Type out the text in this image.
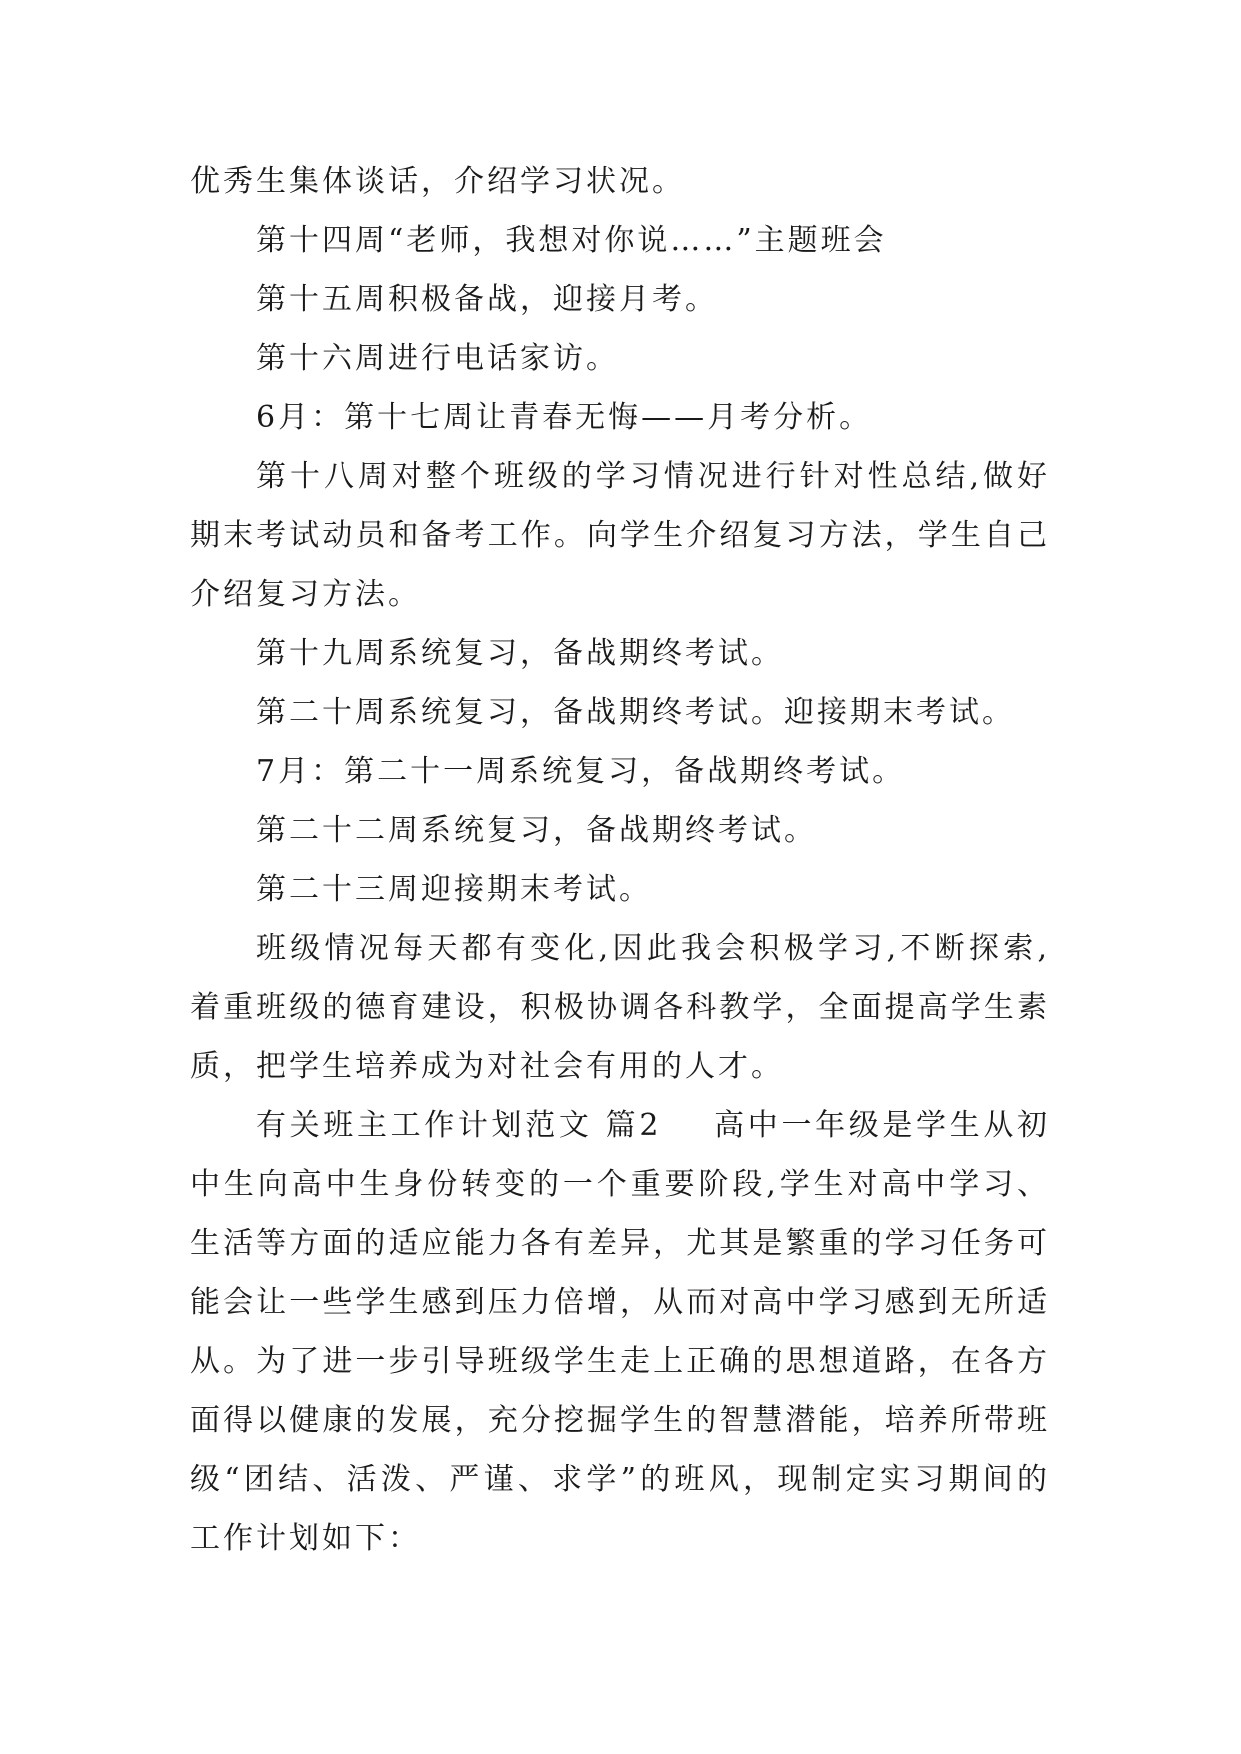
优秀生集体谈话，介绍学习状况。

第十四周“老师，我想对你说……”主题班会

第十五周积极备战，迎接月考。

第十六周进行电话家访。

6月：第十七周让青春无悔——月考分析。

第十八周对整个班级的学习情况进行针对性总结,做好期末考试动员和备考工作。向学生介绍复习方法，学生自己介绍复习方法。

第十九周系统复习，备战期终考试。

第二十周系统复习，备战期终考试。迎接期末考试。

7月：第二十一周系统复习，备战期终考试。

第二十二周系统复习，备战期终考试。

第二十三周迎接期末考试。

班级情况每天都有变化,因此我会积极学习,不断探索,着重班级的德育建设，积极协调各科教学，全面提高学生素质，把学生培养成为对社会有用的人才。

有关班主工作计划范文 篇2    高中一年级是学生从初中生向高中生身份转变的一个重要阶段,学生对高中学习、生活等方面的适应能力各有差异，尤其是繁重的学习任务可能会让一些学生感到压力倍增，从而对高中学习感到无所适从。为了进一步引导班级学生走上正确的思想道路，在各方面得以健康的发展，充分挖掘学生的智慧潜能，培养所带班级“团结、活泼、严谨、求学”的班风，现制定实习期间的工作计划如下：
